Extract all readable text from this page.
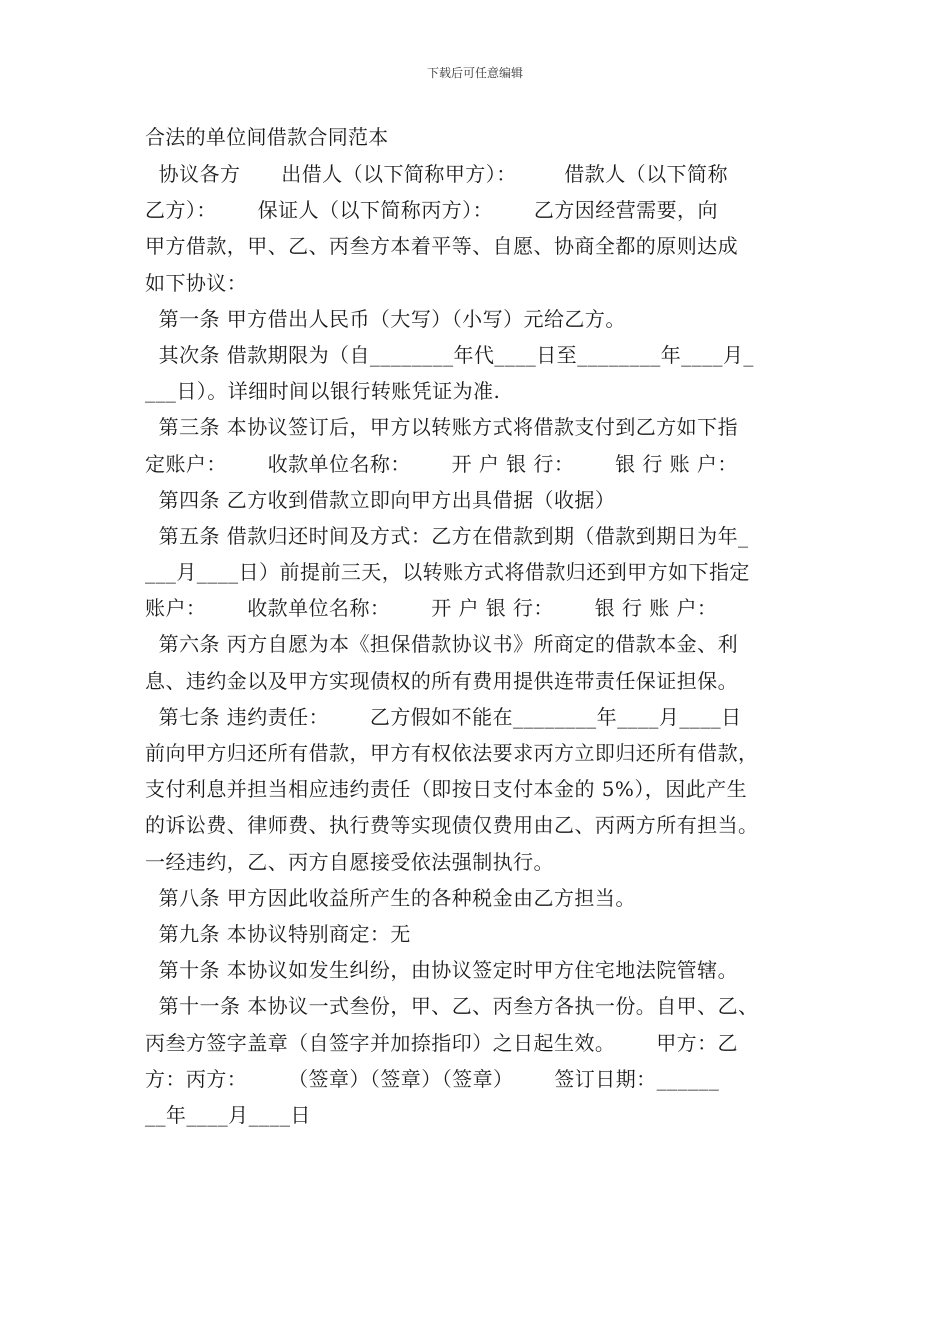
下载后可任意编辑
合法的单位间借款合同范本
协议各方      出借人（以下简称甲方）：       借款人（以下简称
乙方）：      保证人（以下简称丙方）：      乙方因经营需要，向
甲方借款，甲、乙、丙叁方本着平等、自愿、协商全都的原则达成
如下协议：
第一条 甲方借出人民币（大写）（小写）元给乙方。
其次条 借款期限为（自________年代____日至________年____月_
___日）。详细时间以银行转账凭证为准.
第三条 本协议签订后，甲方以转账方式将借款支付到乙方如下指
定账户：      收款单位名称：      开 户 银 行：      银 行 账 户：
第四条 乙方收到借款立即向甲方出具借据（收据）
第五条 借款归还时间及方式：乙方在借款到期（借款到期日为年_
___月____日）前提前三天，以转账方式将借款归还到甲方如下指定
账户：      收款单位名称：      开 户 银 行：      银 行 账 户：
第六条 丙方自愿为本《担保借款协议书》所商定的借款本金、利
息、违约金以及甲方实现债权的所有费用提供连带责任保证担保。
第七条 违约责任：      乙方假如不能在________年____月____日
前向甲方归还所有借款，甲方有权依法要求丙方立即归还所有借款，
支付利息并担当相应违约责任（即按日支付本金的 5%），因此产生
的诉讼费、律师费、执行费等实现债仅费用由乙、丙两方所有担当。
一经违约，乙、丙方自愿接受依法强制执行。
第八条 甲方因此收益所产生的各种税金由乙方担当。
第九条 本协议特别商定：无
第十条 本协议如发生纠纷，由协议签定时甲方住宅地法院管辖。
第十一条 本协议一式叁份，甲、乙、丙叁方各执一份。自甲、乙、
丙叁方签字盖章（自签字并加捺指印）之日起生效。      甲方：乙
方：丙方：      （签章）（签章）（签章）      签订日期：______
__年____月____日
